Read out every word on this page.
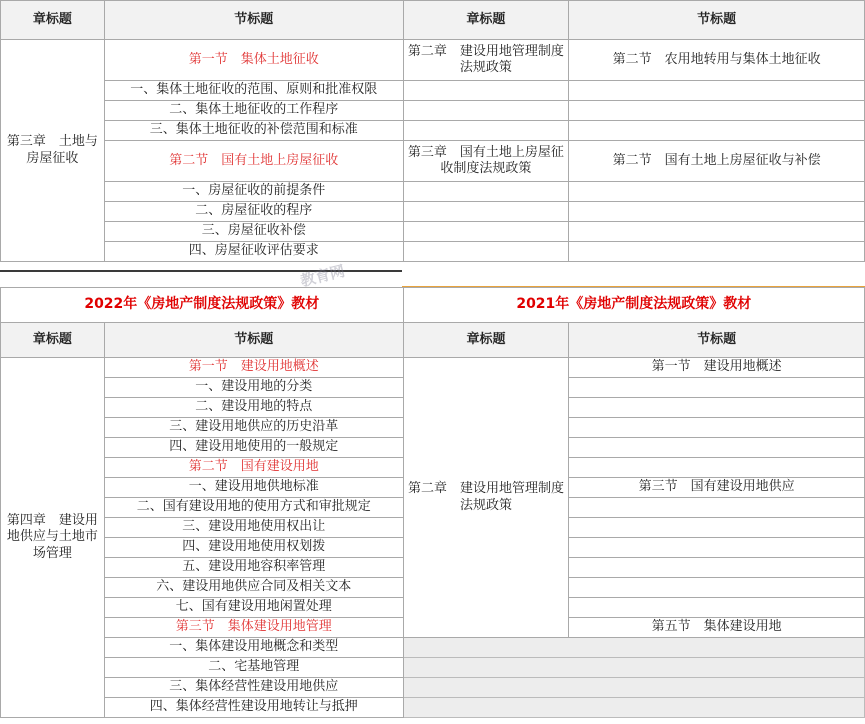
章标题	节标题	章标题	节标题
第三章　土地与房屋征收	第一节　集体土地征收	第二章　建设用地管理制度法规政策	第二节　农用地转用与集体土地征收
	一、集体土地征收的范围、原则和批准权限		
	二、集体土地征收的工作程序		
	三、集体土地征收的补偿范围和标准		
	第二节　国有土地上房屋征收	第三章　国有土地上房屋征收制度法规政策	第二节　国有土地上房屋征收与补偿
	一、房屋征收的前提条件		
	二、房屋征收的程序		
	三、房屋征收补偿		
	四、房屋征收评估要求		
教育网
2022年《房地产制度法规政策》教材		2021年《房地产制度法规政策》教材	
章标题	节标题	章标题	节标题
第四章　建设用地供应与土地市场管理	第一节　建设用地概述	第二章　建设用地管理制度法规政策	第一节　建设用地概述
	一、建设用地的分类		
	二、建设用地的特点		
	三、建设用地供应的历史沿革		
	四、建设用地使用的一般规定		
	第二节　国有建设用地		
	一、建设用地供地标准		第三节　国有建设用地供应
	二、国有建设用地的使用方式和审批规定		
	三、建设用地使用权出让		
	四、建设用地使用权划拨		
	五、建设用地容积率管理		
	六、建设用地供应合同及相关文本		
	七、国有建设用地闲置处理		
	第三节　集体建设用地管理		第五节　集体建设用地
	一、集体建设用地概念和类型		
	二、宅基地管理		
	三、集体经营性建设用地供应		
	四、集体经营性建设用地转让与抵押		
